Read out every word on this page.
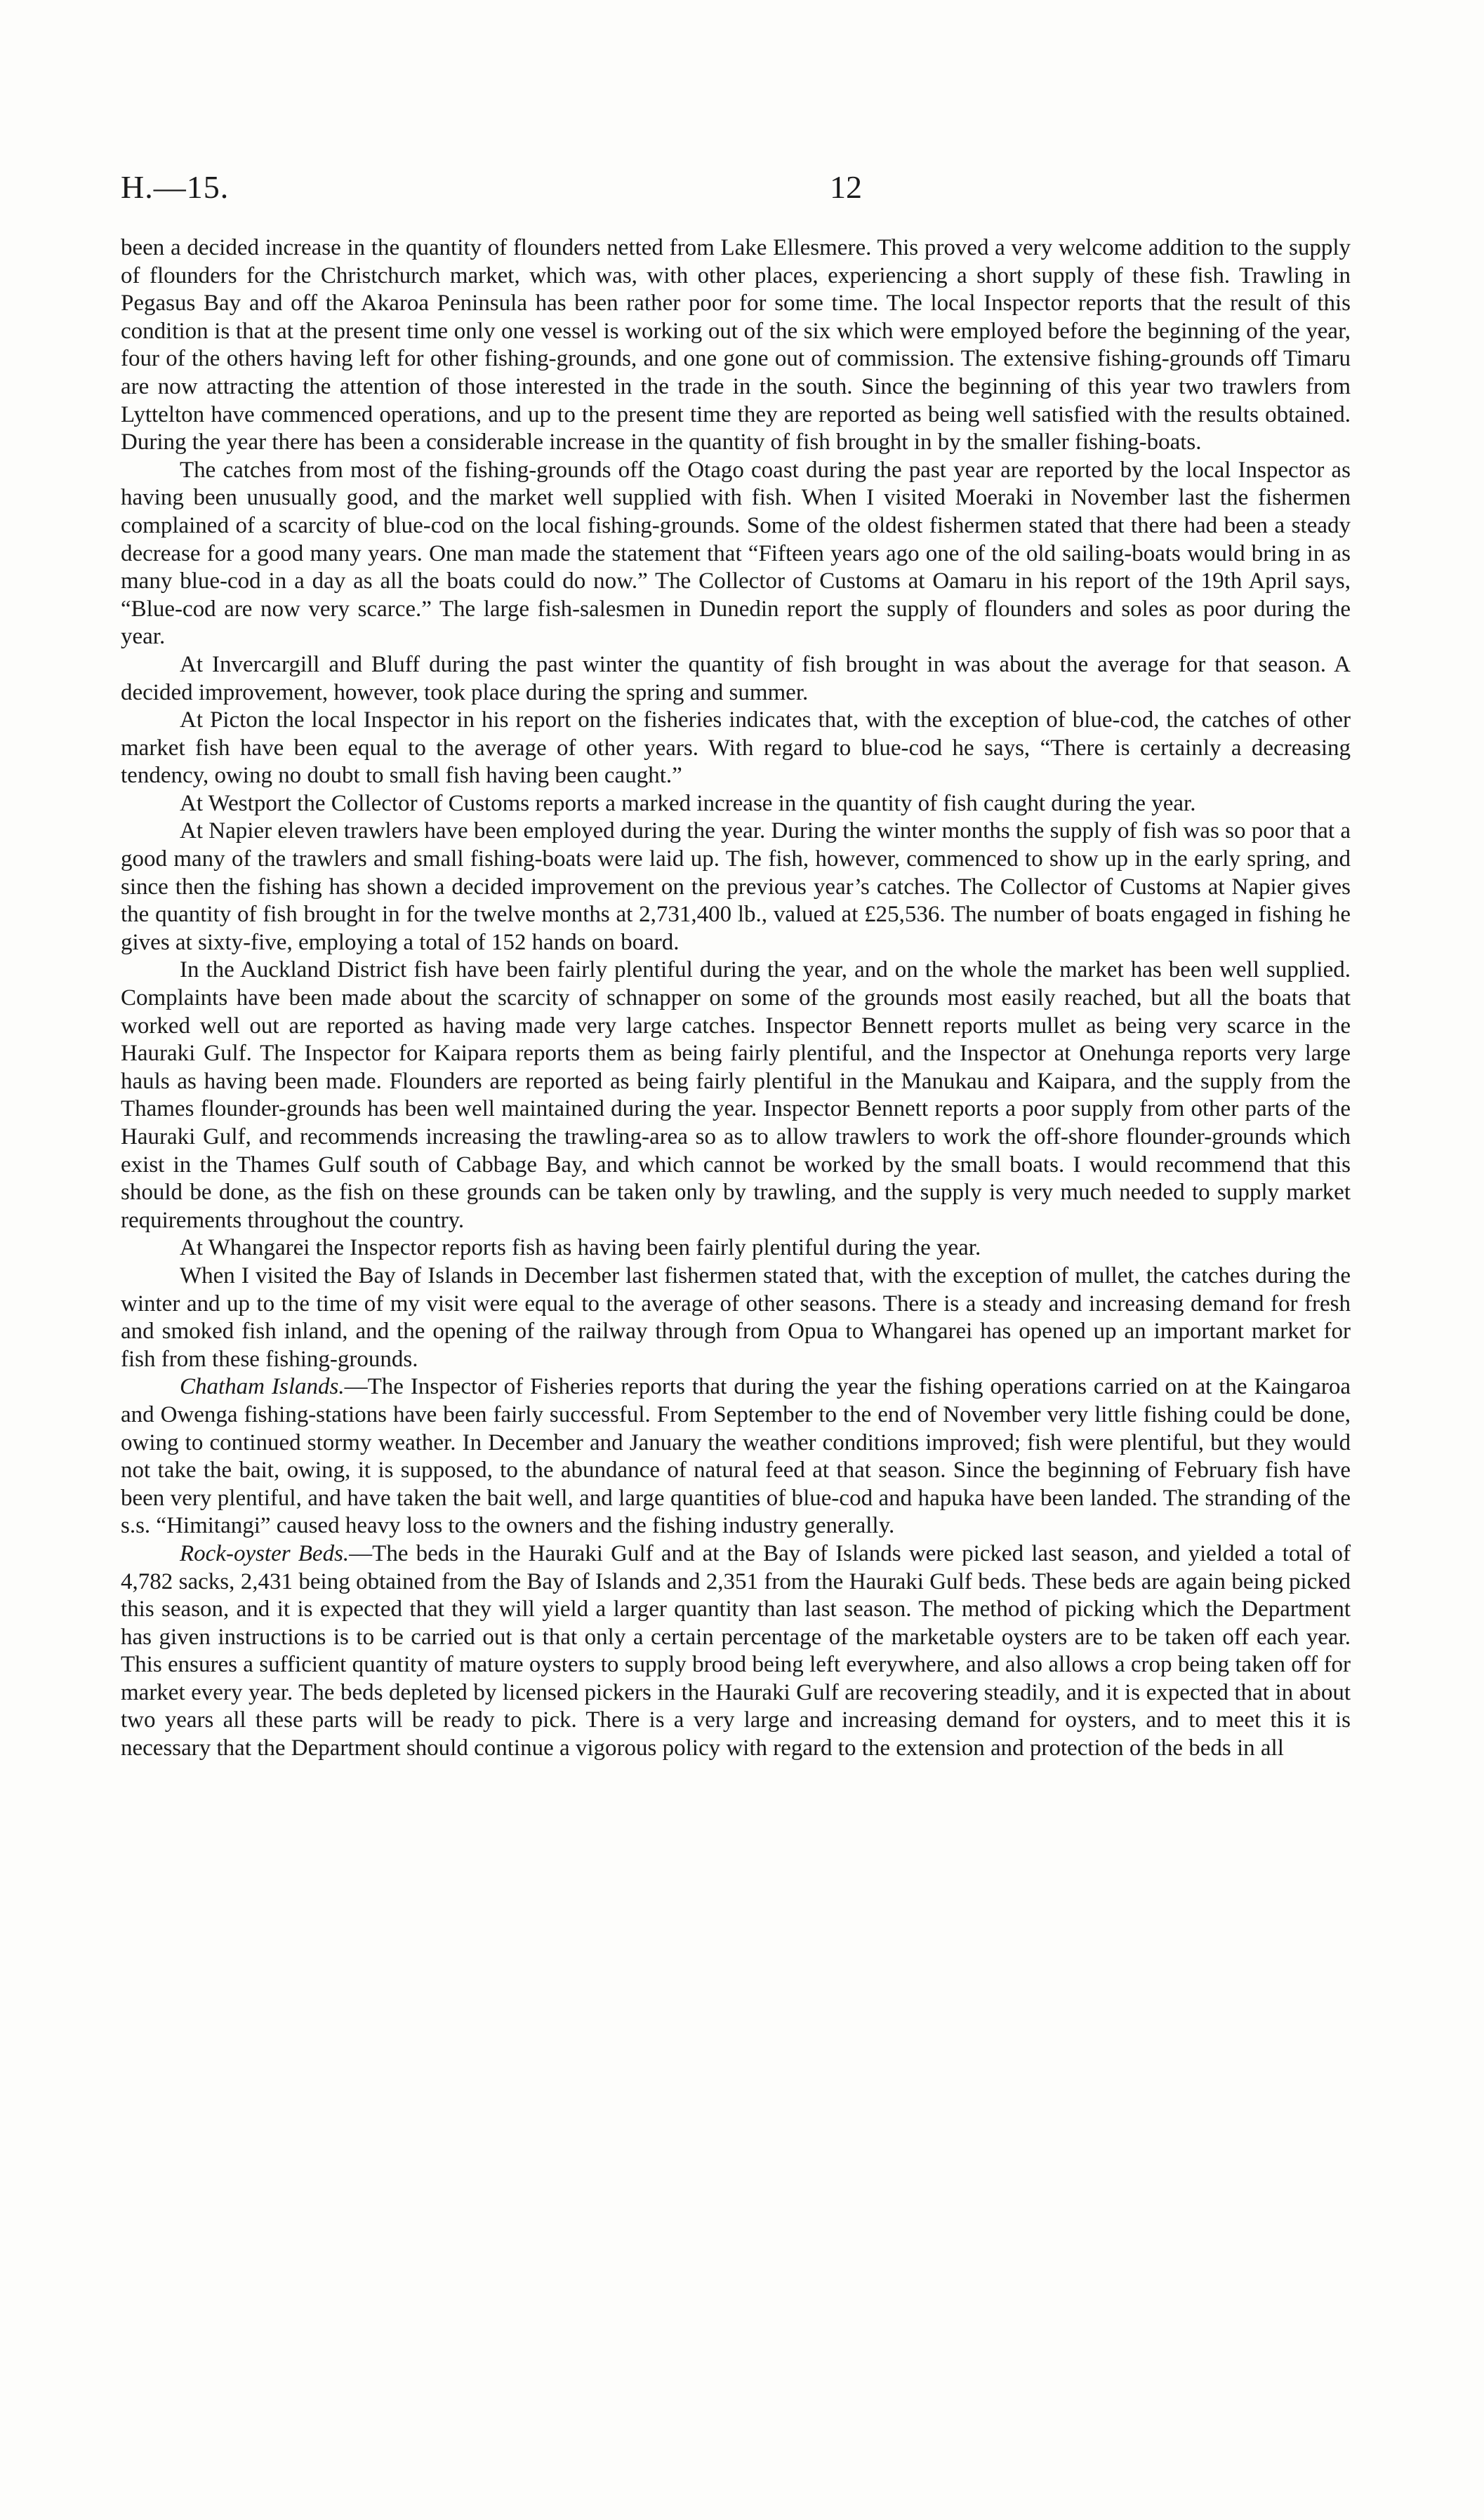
H.—15.	12

been a decided increase in the quantity of flounders netted from Lake Ellesmere. This proved a very welcome addition to the supply of flounders for the Christchurch market, which was, with other places, experiencing a short supply of these fish. Trawling in Pegasus Bay and off the Akaroa Peninsula has been rather poor for some time. The local Inspector reports that the result of this condition is that at the present time only one vessel is working out of the six which were employed before the beginning of the year, four of the others having left for other fishing-grounds, and one gone out of commission. The extensive fishing-grounds off Timaru are now attracting the attention of those interested in the trade in the south. Since the beginning of this year two trawlers from Lyttelton have commenced operations, and up to the present time they are reported as being well satisfied with the results obtained. During the year there has been a considerable increase in the quantity of fish brought in by the smaller fishing-boats.

The catches from most of the fishing-grounds off the Otago coast during the past year are reported by the local Inspector as having been unusually good, and the market well supplied with fish. When I visited Moeraki in November last the fishermen complained of a scarcity of blue-cod on the local fishing-grounds. Some of the oldest fishermen stated that there had been a steady decrease for a good many years. One man made the statement that “Fifteen years ago one of the old sailing-boats would bring in as many blue-cod in a day as all the boats could do now.” The Collector of Customs at Oamaru in his report of the 19th April says, “Blue-cod are now very scarce.” The large fish-salesmen in Dunedin report the supply of flounders and soles as poor during the year.

At Invercargill and Bluff during the past winter the quantity of fish brought in was about the average for that season. A decided improvement, however, took place during the spring and summer.

At Picton the local Inspector in his report on the fisheries indicates that, with the exception of blue-cod, the catches of other market fish have been equal to the average of other years. With regard to blue-cod he says, “There is certainly a decreasing tendency, owing no doubt to small fish having been caught.”

At Westport the Collector of Customs reports a marked increase in the quantity of fish caught during the year.

At Napier eleven trawlers have been employed during the year. During the winter months the supply of fish was so poor that a good many of the trawlers and small fishing-boats were laid up. The fish, however, commenced to show up in the early spring, and since then the fishing has shown a decided improvement on the previous year’s catches. The Collector of Customs at Napier gives the quantity of fish brought in for the twelve months at 2,731,400 lb., valued at £25,536. The number of boats engaged in fishing he gives at sixty-five, employing a total of 152 hands on board.

In the Auckland District fish have been fairly plentiful during the year, and on the whole the market has been well supplied. Complaints have been made about the scarcity of schnapper on some of the grounds most easily reached, but all the boats that worked well out are reported as having made very large catches. Inspector Bennett reports mullet as being very scarce in the Hauraki Gulf. The Inspector for Kaipara reports them as being fairly plentiful, and the Inspector at Onehunga reports very large hauls as having been made. Flounders are reported as being fairly plentiful in the Manukau and Kaipara, and the supply from the Thames flounder-grounds has been well maintained during the year. Inspector Bennett reports a poor supply from other parts of the Hauraki Gulf, and recommends increasing the trawling-area so as to allow trawlers to work the off-shore flounder-grounds which exist in the Thames Gulf south of Cabbage Bay, and which cannot be worked by the small boats. I would recommend that this should be done, as the fish on these grounds can be taken only by trawling, and the supply is very much needed to supply market requirements throughout the country.

At Whangarei the Inspector reports fish as having been fairly plentiful during the year.

When I visited the Bay of Islands in December last fishermen stated that, with the exception of mullet, the catches during the winter and up to the time of my visit were equal to the average of other seasons. There is a steady and increasing demand for fresh and smoked fish inland, and the opening of the railway through from Opua to Whangarei has opened up an important market for fish from these fishing-grounds.

Chatham Islands.—The Inspector of Fisheries reports that during the year the fishing operations carried on at the Kaingaroa and Owenga fishing-stations have been fairly successful. From September to the end of November very little fishing could be done, owing to continued stormy weather. In December and January the weather conditions improved; fish were plentiful, but they would not take the bait, owing, it is supposed, to the abundance of natural feed at that season. Since the beginning of February fish have been very plentiful, and have taken the bait well, and large quantities of blue-cod and hapuka have been landed. The stranding of the s.s. “Himitangi” caused heavy loss to the owners and the fishing industry generally.

Rock-oyster Beds.—The beds in the Hauraki Gulf and at the Bay of Islands were picked last season, and yielded a total of 4,782 sacks, 2,431 being obtained from the Bay of Islands and 2,351 from the Hauraki Gulf beds. These beds are again being picked this season, and it is expected that they will yield a larger quantity than last season. The method of picking which the Department has given instructions is to be carried out is that only a certain percentage of the marketable oysters are to be taken off each year. This ensures a sufficient quantity of mature oysters to supply brood being left everywhere, and also allows a crop being taken off for market every year. The beds depleted by licensed pickers in the Hauraki Gulf are recovering steadily, and it is expected that in about two years all these parts will be ready to pick. There is a very large and increasing demand for oysters, and to meet this it is necessary that the Department should continue a vigorous policy with regard to the extension and protection of the beds in all
